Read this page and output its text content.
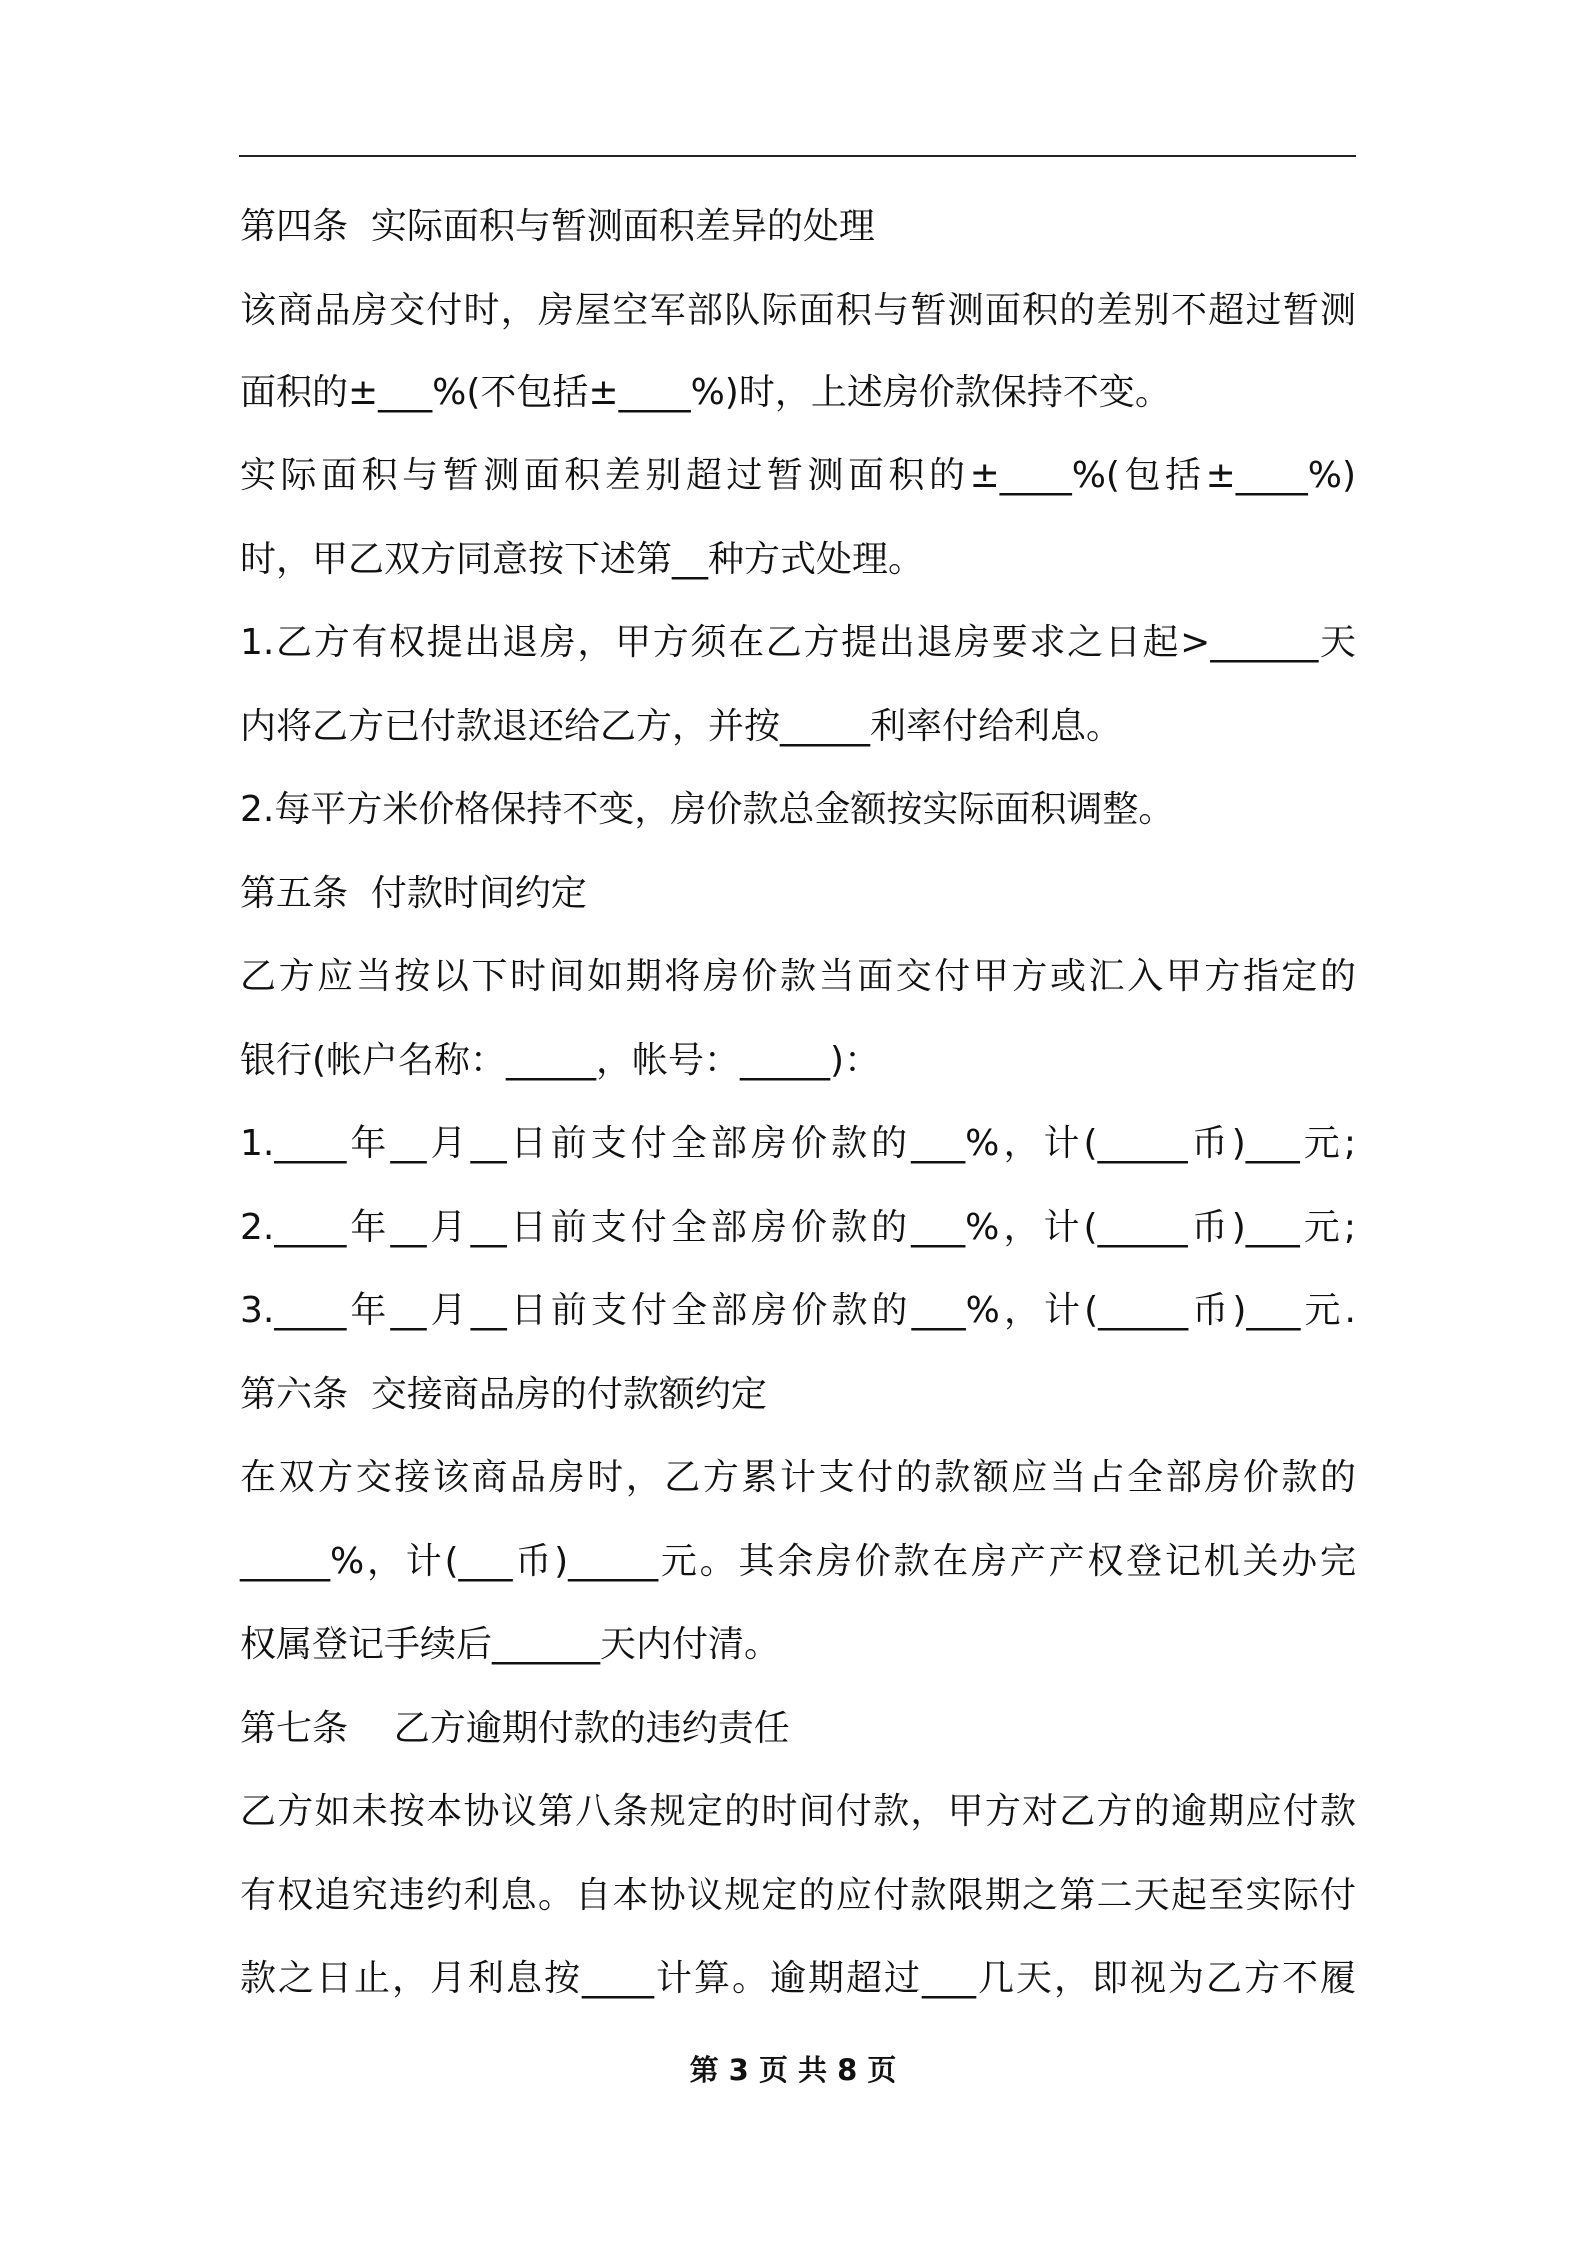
第四条  实际面积与暂测面积差异的处理
该商品房交付时，房屋空军部队际面积与暂测面积的差别不超过暂测
面积的±___%(不包括±____%)时，上述房价款保持不变。
实际面积与暂测面积差别超过暂测面积的±____%(包括±____%)
时，甲乙双方同意按下述第__种方式处理。
1.乙方有权提出退房，甲方须在乙方提出退房要求之日起>______天
内将乙方已付款退还给乙方，并按_____利率付给利息。
2.每平方米价格保持不变，房价款总金额按实际面积调整。
第五条  付款时间约定
乙方应当按以下时间如期将房价款当面交付甲方或汇入甲方指定的
银行(帐户名称：_____，帐号：_____)：
1.____年__月__日前支付全部房价款的___%，计(_____币)___元;
2.____年__月__日前支付全部房价款的___%，计(_____币)___元;
3.____年__月__日前支付全部房价款的___%，计(_____币)___元.
第六条  交接商品房的付款额约定
在双方交接该商品房时，乙方累计支付的款额应当占全部房价款的
_____%，计(___币)_____元。其余房价款在房产产权登记机关办完
权属登记手续后______天内付清。
第七条    乙方逾期付款的违约责任
乙方如未按本协议第八条规定的时间付款，甲方对乙方的逾期应付款
有权追究违约利息。自本协议规定的应付款限期之第二天起至实际付
款之日止，月利息按____计算。逾期超过___几天，即视为乙方不履
第 3 页 共 8 页
